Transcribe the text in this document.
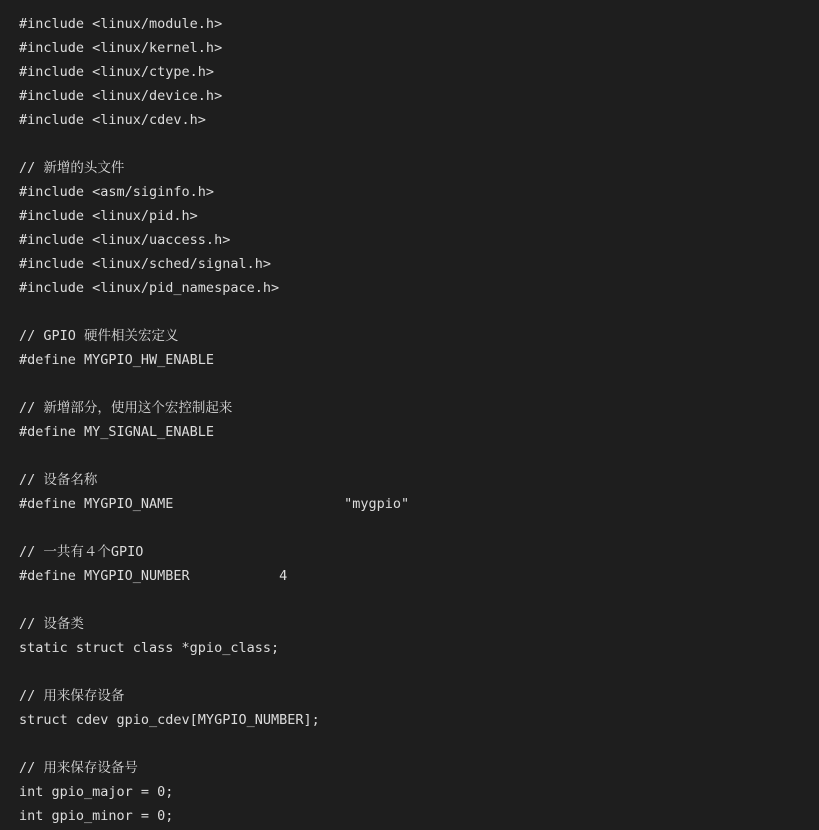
#include <linux/module.h>
#include <linux/kernel.h>
#include <linux/ctype.h>
#include <linux/device.h>
#include <linux/cdev.h>
// 新增的头文件
#include <asm/siginfo.h>
#include <linux/pid.h>
#include <linux/uaccess.h>
#include <linux/sched/signal.h>
#include <linux/pid_namespace.h>
// GPIO 硬件相关宏定义
#define MYGPIO_HW_ENABLE
// 新增部分，使用这个宏控制起来
#define MY_SIGNAL_ENABLE
// 设备名称
#define MYGPIO_NAME                     "mygpio"
// 一共有４个GPIO
#define MYGPIO_NUMBER           4
// 设备类
static struct class *gpio_class;
// 用来保存设备
struct cdev gpio_cdev[MYGPIO_NUMBER];
// 用来保存设备号
int gpio_major = 0;
int gpio_minor = 0;
